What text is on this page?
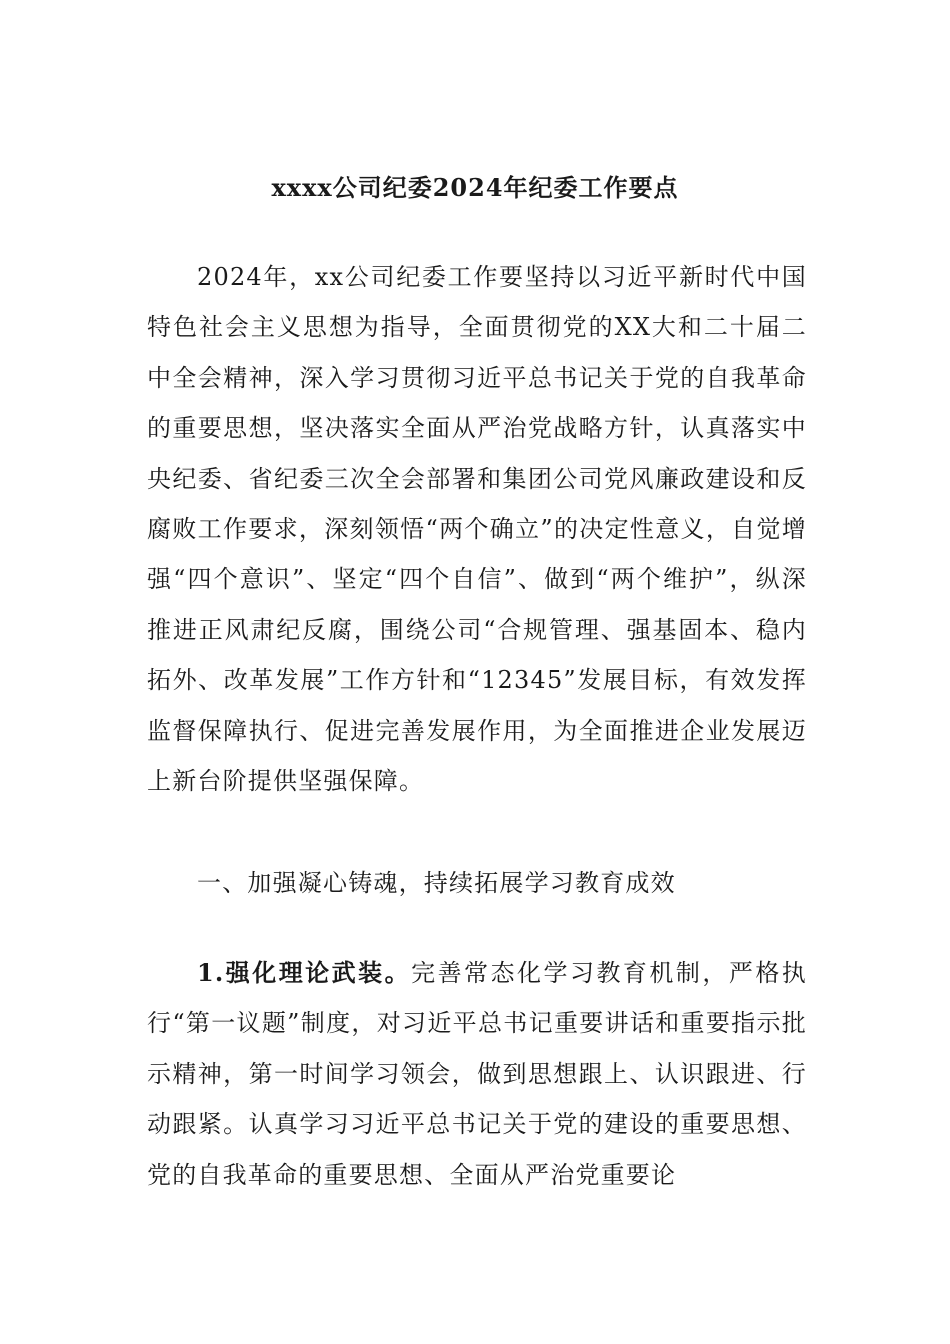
xxxx公司纪委2024年纪委工作要点

2024年，xx公司纪委工作要坚持以习近平新时代中国特色社会主义思想为指导，全面贯彻党的XX大和二十届二中全会精神，深入学习贯彻习近平总书记关于党的自我革命的重要思想，坚决落实全面从严治党战略方针，认真落实中央纪委、省纪委三次全会部署和集团公司党风廉政建设和反腐败工作要求，深刻领悟“两个确立”的决定性意义，自觉增强“四个意识”、坚定“四个自信”、做到“两个维护”，纵深推进正风肃纪反腐，围绕公司“合规管理、强基固本、稳内拓外、改革发展”工作方针和“12345”发展目标，有效发挥监督保障执行、促进完善发展作用，为全面推进企业发展迈上新台阶提供坚强保障。

一、加强凝心铸魂，持续拓展学习教育成效

1.强化理论武装。完善常态化学习教育机制，严格执行“第一议题”制度，对习近平总书记重要讲话和重要指示批示精神，第一时间学习领会，做到思想跟上、认识跟进、行动跟紧。认真学习习近平总书记关于党的建设的重要思想、党的自我革命的重要思想、全面从严治党重要论
